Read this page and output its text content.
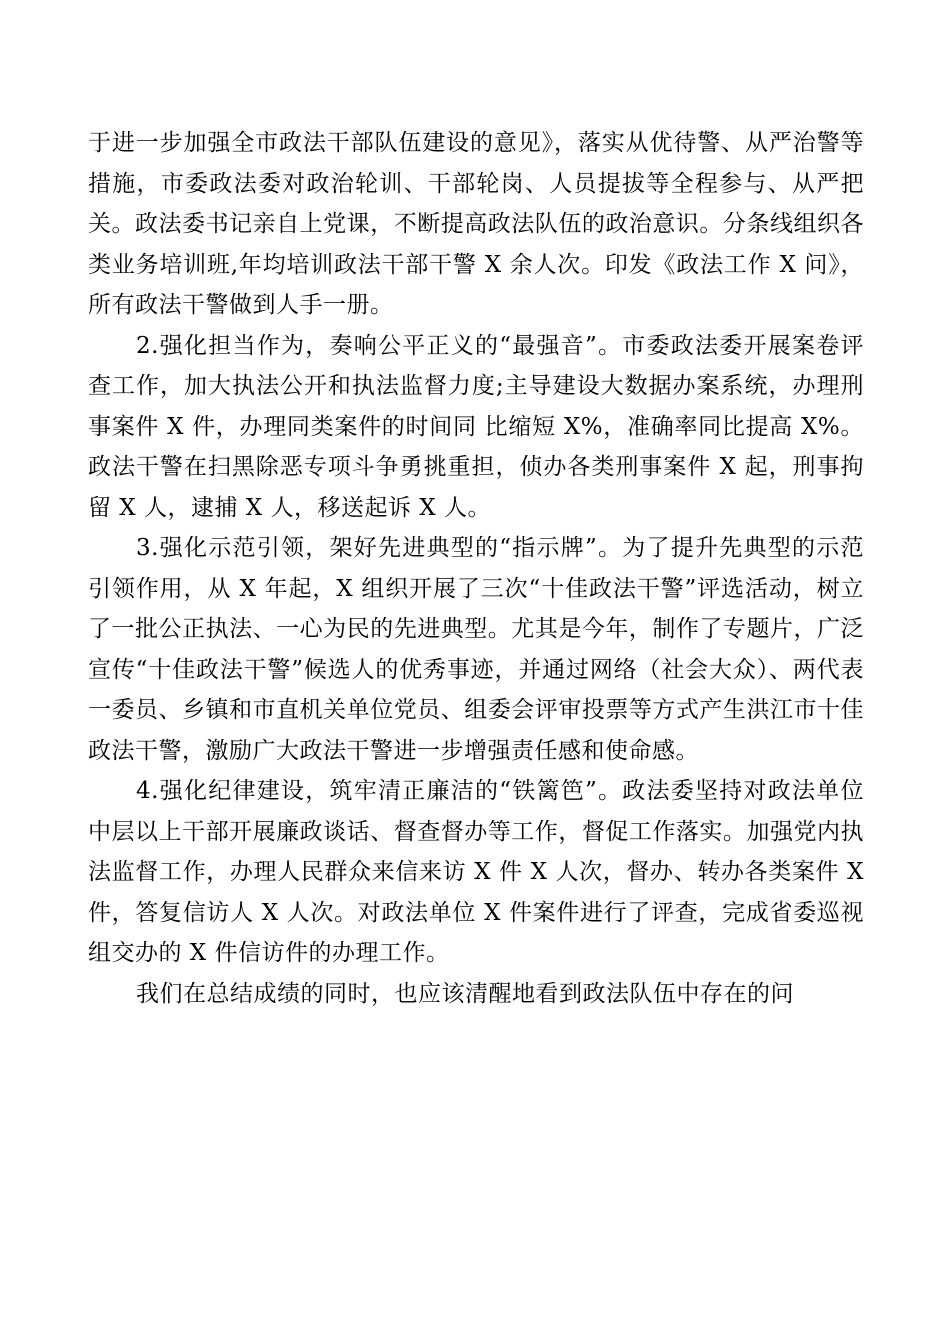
于进一步加强全市政法干部队伍建设的意见》，落实从优待警、从严治警等措施，市委政法委对政治轮训、干部轮岗、人员提拔等全程参与、从严把关。政法委书记亲自上党课，不断提高政法队伍的政治意识。分条线组织各类业务培训班,年均培训政法干部干警 X 余人次。印发《政法工作 X 问》，所有政法干警做到人手一册。

2.强化担当作为，奏响公平正义的“最强音”。市委政法委开展案卷评查工作，加大执法公开和执法监督力度;主导建设大数据办案系统，办理刑事案件 X 件，办理同类案件的时间同 比缩短 X%，准确率同比提高 X%。政法干警在扫黑除恶专项斗争勇挑重担，侦办各类刑事案件 X 起，刑事拘留 X 人，逮捕 X 人，移送起诉 X 人。

3.强化示范引领，架好先进典型的“指示牌”。为了提升先典型的示范引领作用，从 X 年起，X 组织开展了三次“十佳政法干警”评选活动，树立了一批公正执法、一心为民的先进典型。尤其是今年，制作了专题片，广泛宣传“十佳政法干警”候选人的优秀事迹，并通过网络（社会大众）、两代表一委员、乡镇和市直机关单位党员、组委会评审投票等方式产生洪江市十佳政法干警，激励广大政法干警进一步增强责任感和使命感。

4.强化纪律建设，筑牢清正廉洁的“铁篱笆”。政法委坚持对政法单位中层以上干部开展廉政谈话、督查督办等工作，督促工作落实。加强党内执法监督工作，办理人民群众来信来访 X 件 X 人次，督办、转办各类案件 X 件，答复信访人 X 人次。对政法单位 X 件案件进行了评查，完成省委巡视组交办的 X 件信访件的办理工作。

我们在总结成绩的同时，也应该清醒地看到政法队伍中存在的问
